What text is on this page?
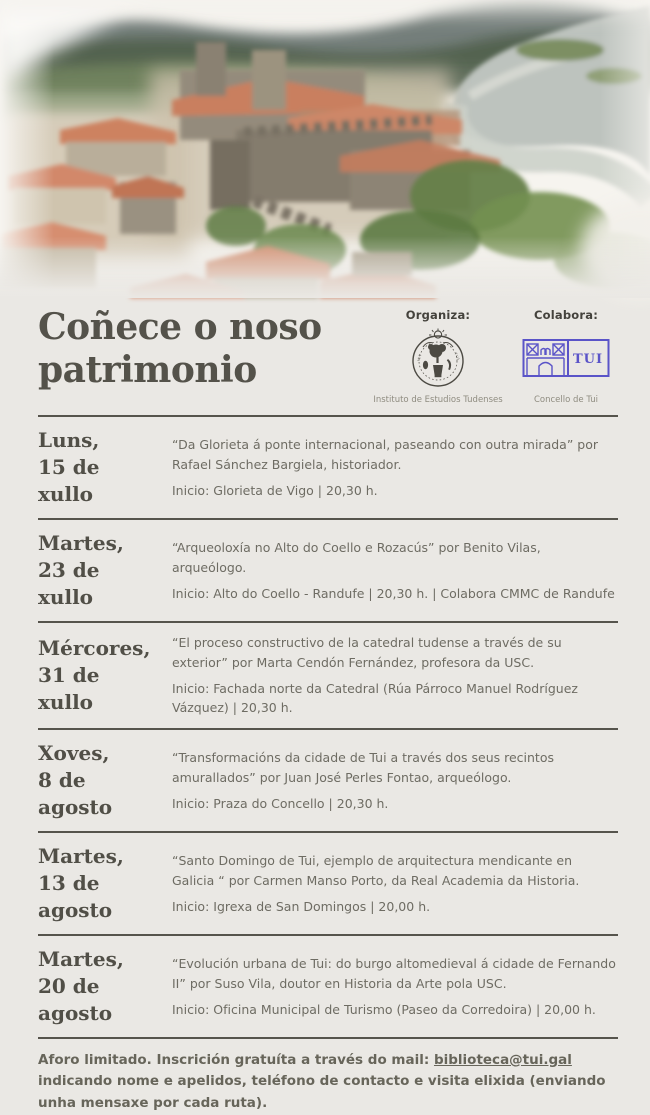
Coñece o noso
patrimonio
Organiza:
I·E·T	T·U·I
Instituto de Estudios Tudenses
Colabora:
TUI
Concello de Tui
Luns,
15 de xullo

“Da Glorieta á ponte internacional, paseando con outra mirada” por Rafael Sánchez Bargiela, historiador.

Inicio: Glorieta de Vigo | 20,30 h.

Martes,
23 de xullo

“Arqueoloxía no Alto do Coello e Rozacús” por Benito Vilas, arqueólogo.

Inicio: Alto do Coello - Randufe | 20,30 h. | Colabora CMMC de Randufe

Mércores,
31 de xullo

“El proceso constructivo de la catedral tudense a través de su exterior” por Marta Cendón Fernández, profesora da USC.

Inicio: Fachada norte da Catedral (Rúa Párroco Manuel Rodríguez Vázquez) | 20,30 h.

Xoves,
8 de agosto

“Transformacións da cidade de Tui a través dos seus recintos amurallados” por Juan José Perles Fontao, arqueólogo.

Inicio: Praza do Concello | 20,30 h.

Martes,
13 de agosto

“Santo Domingo de Tui, ejemplo de arquitectura mendicante en Galicia “ por Carmen Manso Porto, da Real Academia da Historia.

Inicio: Igrexa de San Domingos | 20,00 h.

Martes,
20 de agosto

“Evolución urbana de Tui: do burgo altomedieval á cidade de Fernando II” por Suso Vila, doutor en Historia da Arte pola USC.

Inicio: Oficina Municipal de Turismo (Paseo da Corredoira) | 20,00 h.

Aforo limitado. Inscrición gratuíta a través do mail: biblioteca@tui.gal indicando nome e apelidos, teléfono de contacto e visita elixida (enviando unha mensaxe por cada ruta).
